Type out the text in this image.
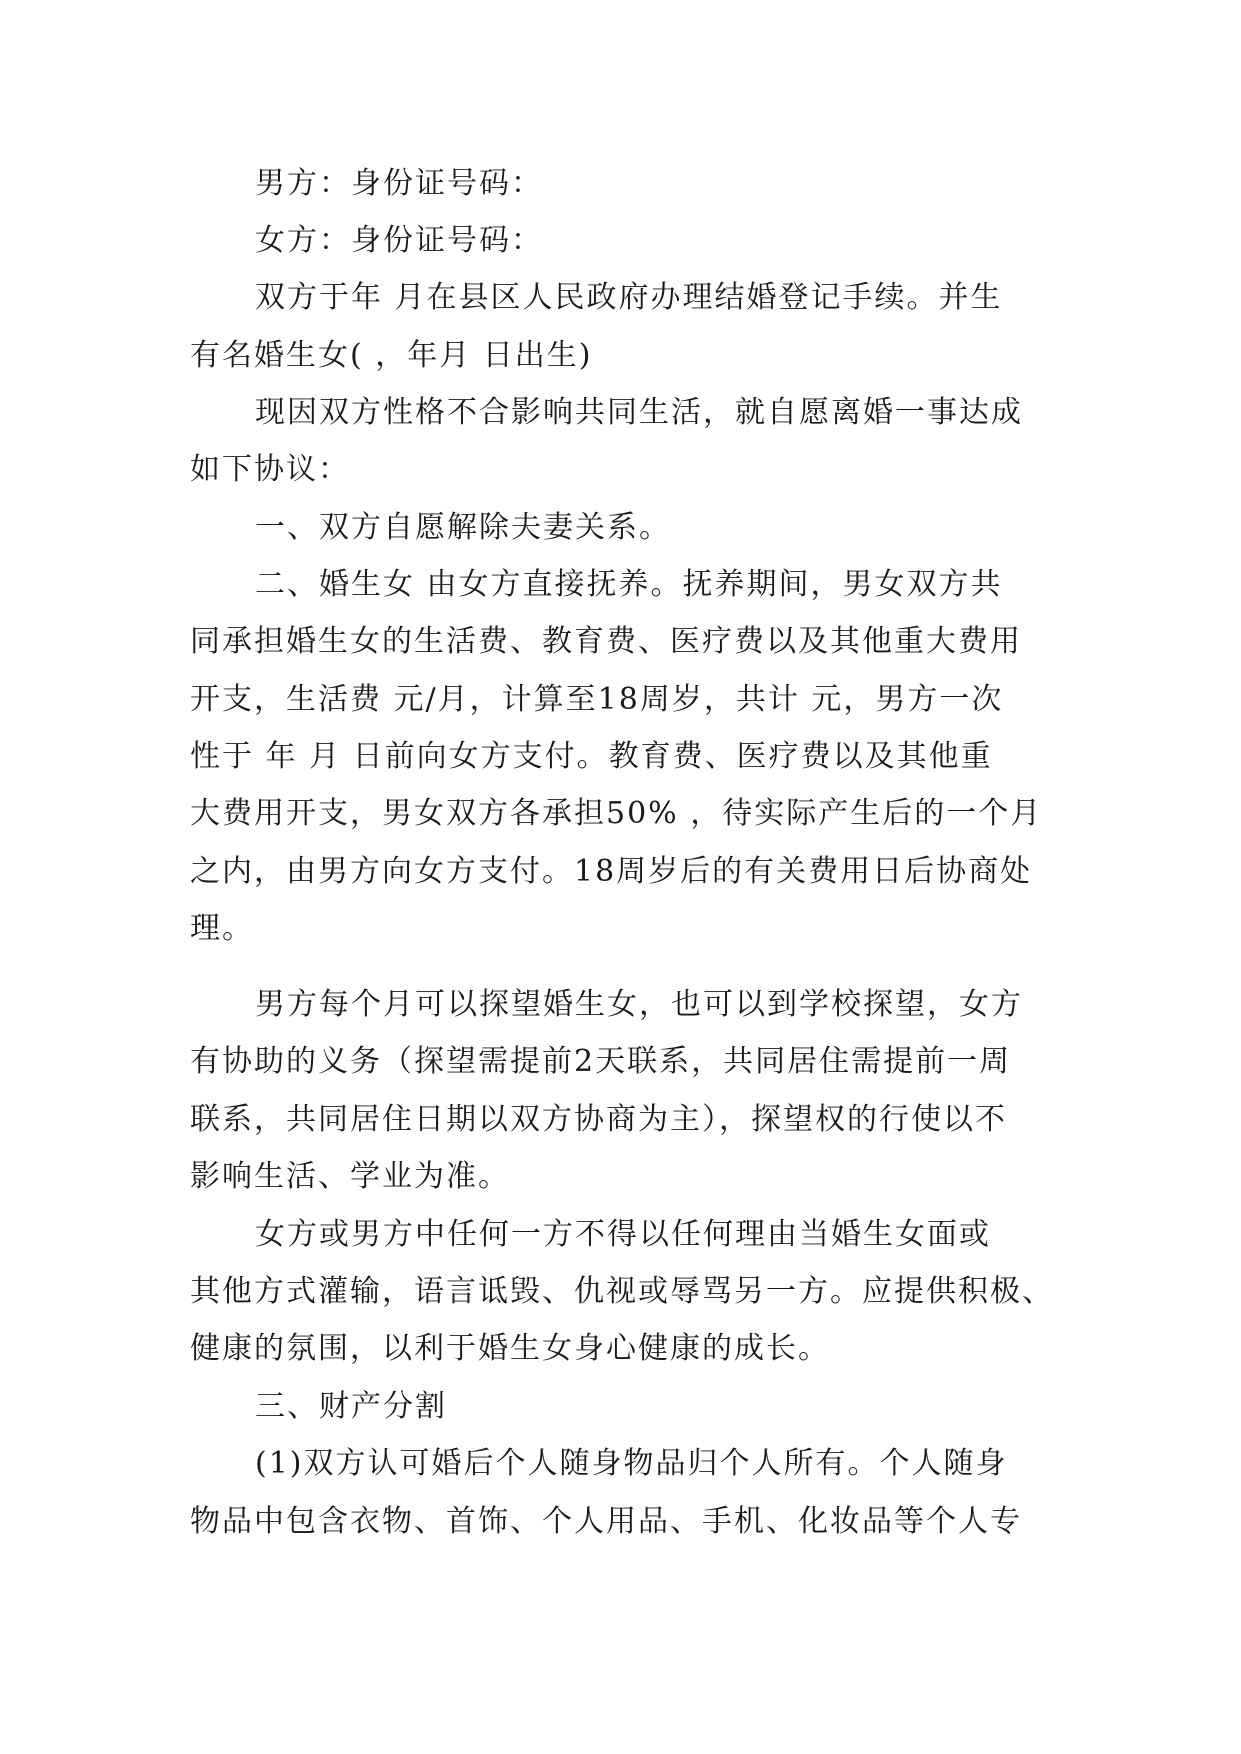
男方：身份证号码：
女方：身份证号码：
双方于年 月在县区人民政府办理结婚登记手续。并生
有名婚生女( ，年月 日出生)
现因双方性格不合影响共同生活，就自愿离婚一事达成
如下协议：
一、双方自愿解除夫妻关系。
二、婚生女 由女方直接抚养。抚养期间，男女双方共
同承担婚生女的生活费、教育费、医疗费以及其他重大费用
开支，生活费 元/月，计算至18周岁，共计 元，男方一次
性于 年 月 日前向女方支付。教育费、医疗费以及其他重
大费用开支，男女双方各承担50% ，待实际产生后的一个月
之内，由男方向女方支付。18周岁后的有关费用日后协商处
理。
男方每个月可以探望婚生女，也可以到学校探望，女方
有协助的义务（探望需提前2天联系，共同居住需提前一周
联系，共同居住日期以双方协商为主），探望权的行使以不
影响生活、学业为准。
女方或男方中任何一方不得以任何理由当婚生女面或
其他方式灌输，语言诋毁、仇视或辱骂另一方。应提供积极、
健康的氛围，以利于婚生女身心健康的成长。
三、财产分割
(1)双方认可婚后个人随身物品归个人所有。个人随身
物品中包含衣物、首饰、个人用品、手机、化妆品等个人专
